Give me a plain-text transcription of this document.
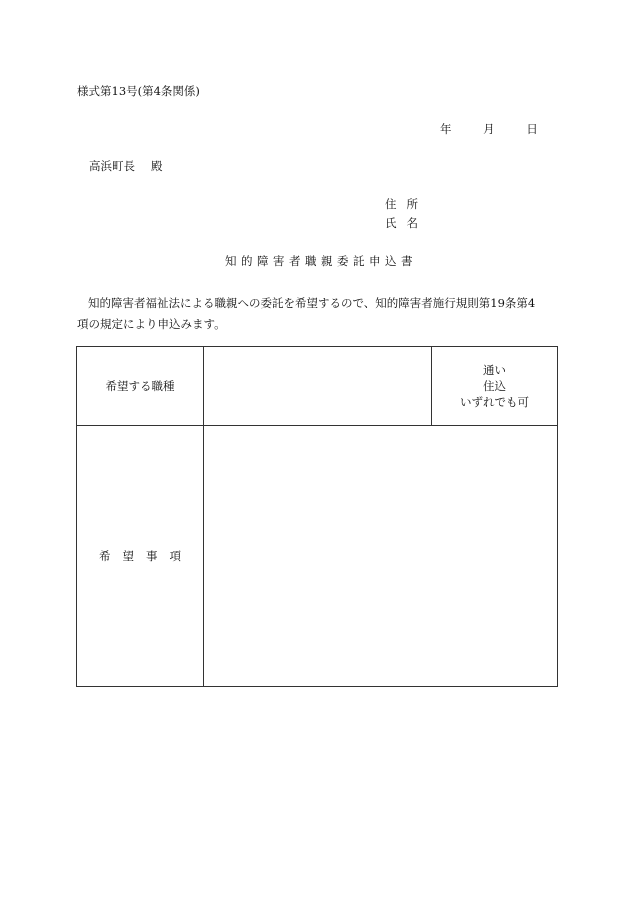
様式第13号(第4条関係)
年	月	日
高浜町長 殿
住所
氏名
知的障害者職親委託申込書
知的障害者福祉法による職親への委託を希望するので、知的障害者施行規則第19条第4
項の規定により申込みます。
希望する職種		通い
住込
いずれでも可

希望事項		
